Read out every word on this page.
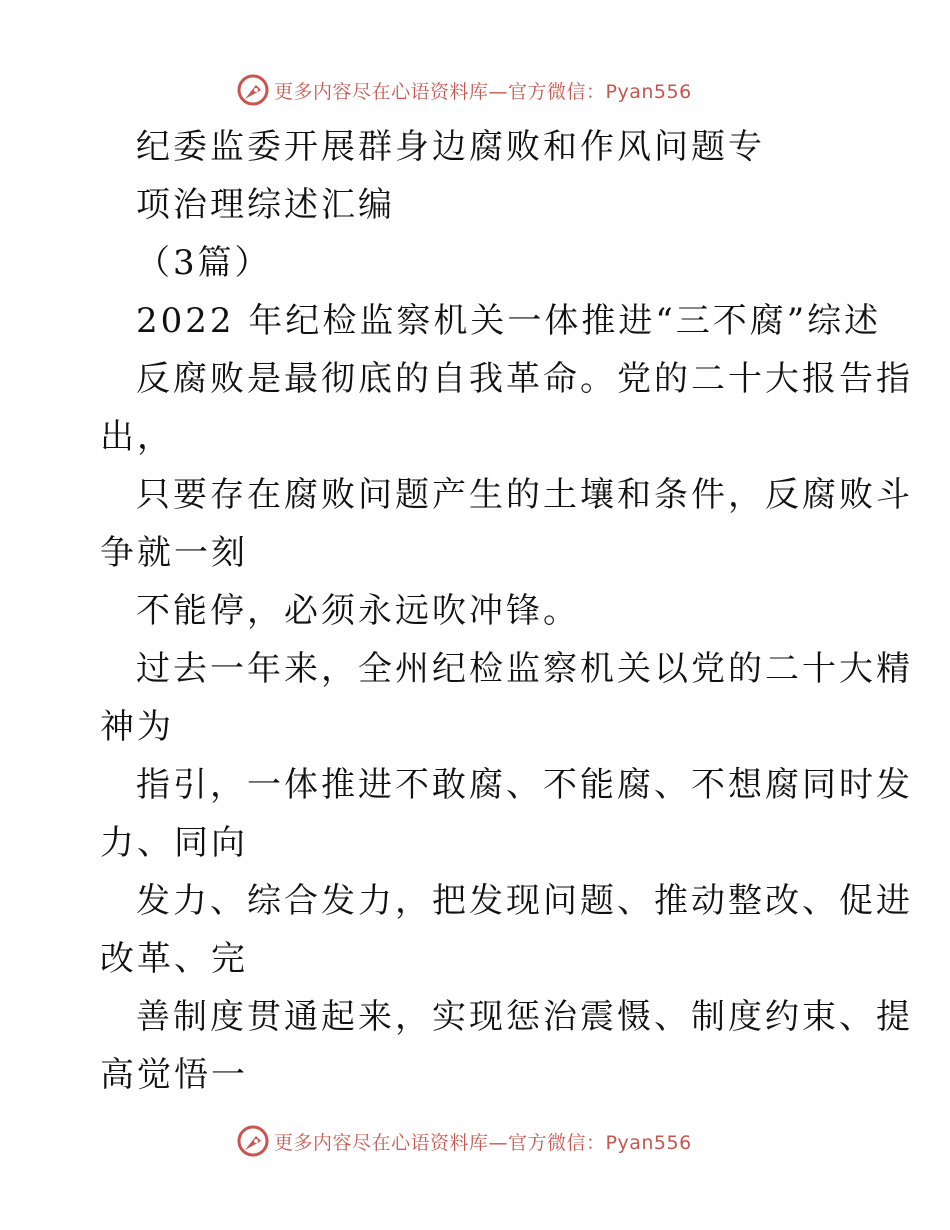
更多内容尽在心语资料库—官方微信：Pyan556
纪委监委开展群身边腐败和作风问题专
项治理综述汇编
（3篇）
2022 年纪检监察机关一体推进“三不腐”综述
反腐败是最彻底的自我革命。党的二十大报告指
出，
只要存在腐败问题产生的土壤和条件，反腐败斗
争就一刻
不能停，必须永远吹冲锋。
过去一年来，全州纪检监察机关以党的二十大精
神为
指引，一体推进不敢腐、不能腐、不想腐同时发
力、同向
发力、综合发力，把发现问题、推动整改、促进
改革、完
善制度贯通起来，实现惩治震慑、制度约束、提
高觉悟一
更多内容尽在心语资料库—官方微信：Pyan556
